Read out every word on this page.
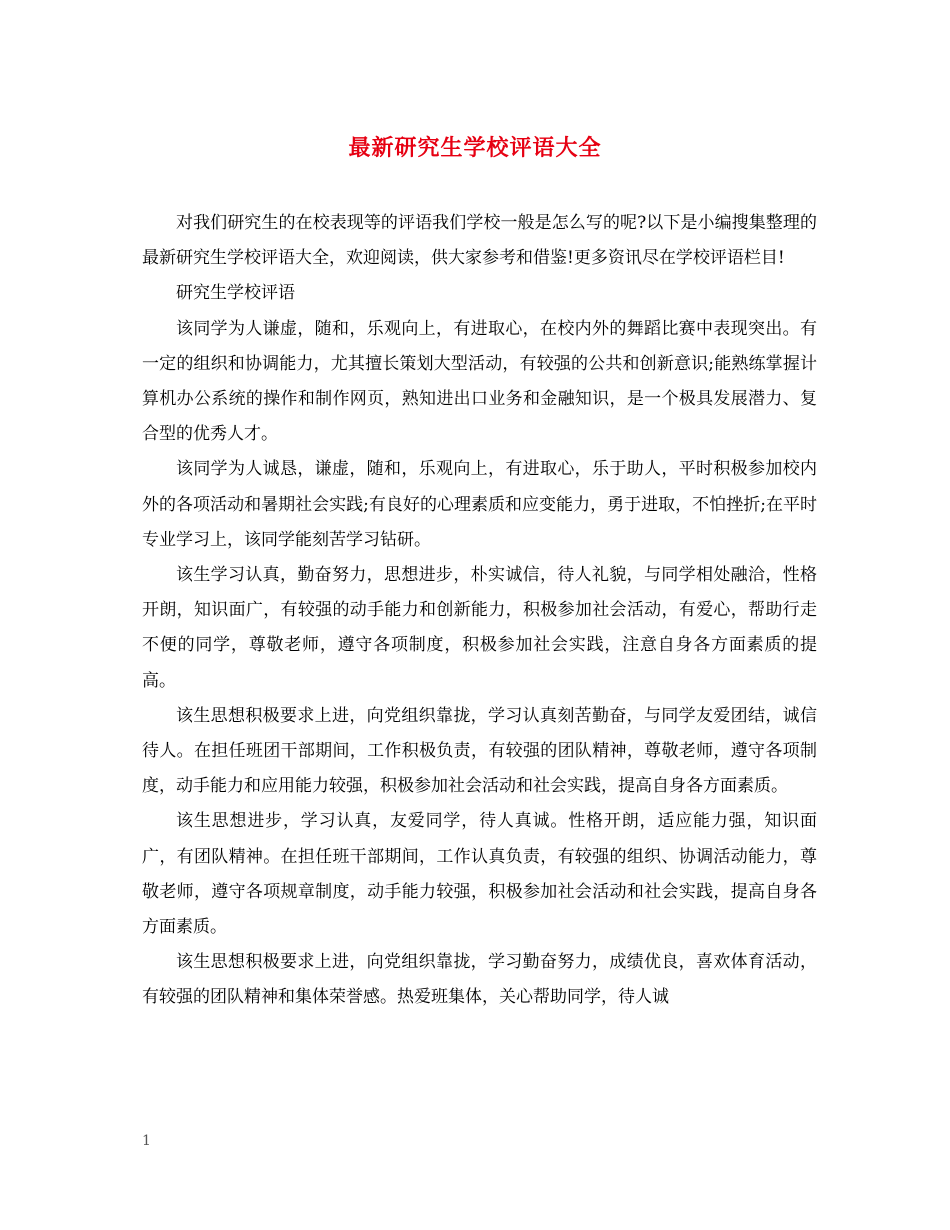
最新研究生学校评语大全

对我们研究生的在校表现等的评语我们学校一般是怎么写的呢?以下是小编搜集整理的最新研究生学校评语大全，欢迎阅读，供大家参考和借鉴!更多资讯尽在学校评语栏目!

研究生学校评语

该同学为人谦虚，随和，乐观向上，有进取心，在校内外的舞蹈比赛中表现突出。有一定的组织和协调能力，尤其擅长策划大型活动，有较强的公共和创新意识;能熟练掌握计算机办公系统的操作和制作网页，熟知进出口业务和金融知识，是一个极具发展潜力、复合型的优秀人才。

该同学为人诚恳，谦虚，随和，乐观向上，有进取心，乐于助人，平时积极参加校内外的各项活动和暑期社会实践;有良好的心理素质和应变能力，勇于进取，不怕挫折;在平时专业学习上，该同学能刻苦学习钻研。

该生学习认真，勤奋努力，思想进步，朴实诚信，待人礼貌，与同学相处融洽，性格开朗，知识面广，有较强的动手能力和创新能力，积极参加社会活动，有爱心，帮助行走不便的同学，尊敬老师，遵守各项制度，积极参加社会实践，注意自身各方面素质的提高。

该生思想积极要求上进，向党组织靠拢，学习认真刻苦勤奋，与同学友爱团结，诚信待人。在担任班团干部期间，工作积极负责，有较强的团队精神，尊敬老师，遵守各项制度，动手能力和应用能力较强，积极参加社会活动和社会实践，提高自身各方面素质。

该生思想进步，学习认真，友爱同学，待人真诚。性格开朗，适应能力强，知识面广，有团队精神。在担任班干部期间，工作认真负责，有较强的组织、协调活动能力，尊敬老师，遵守各项规章制度，动手能力较强，积极参加社会活动和社会实践，提高自身各方面素质。

该生思想积极要求上进，向党组织靠拢，学习勤奋努力，成绩优良，喜欢体育活动，有较强的团队精神和集体荣誉感。热爱班集体，关心帮助同学，待人诚

1
